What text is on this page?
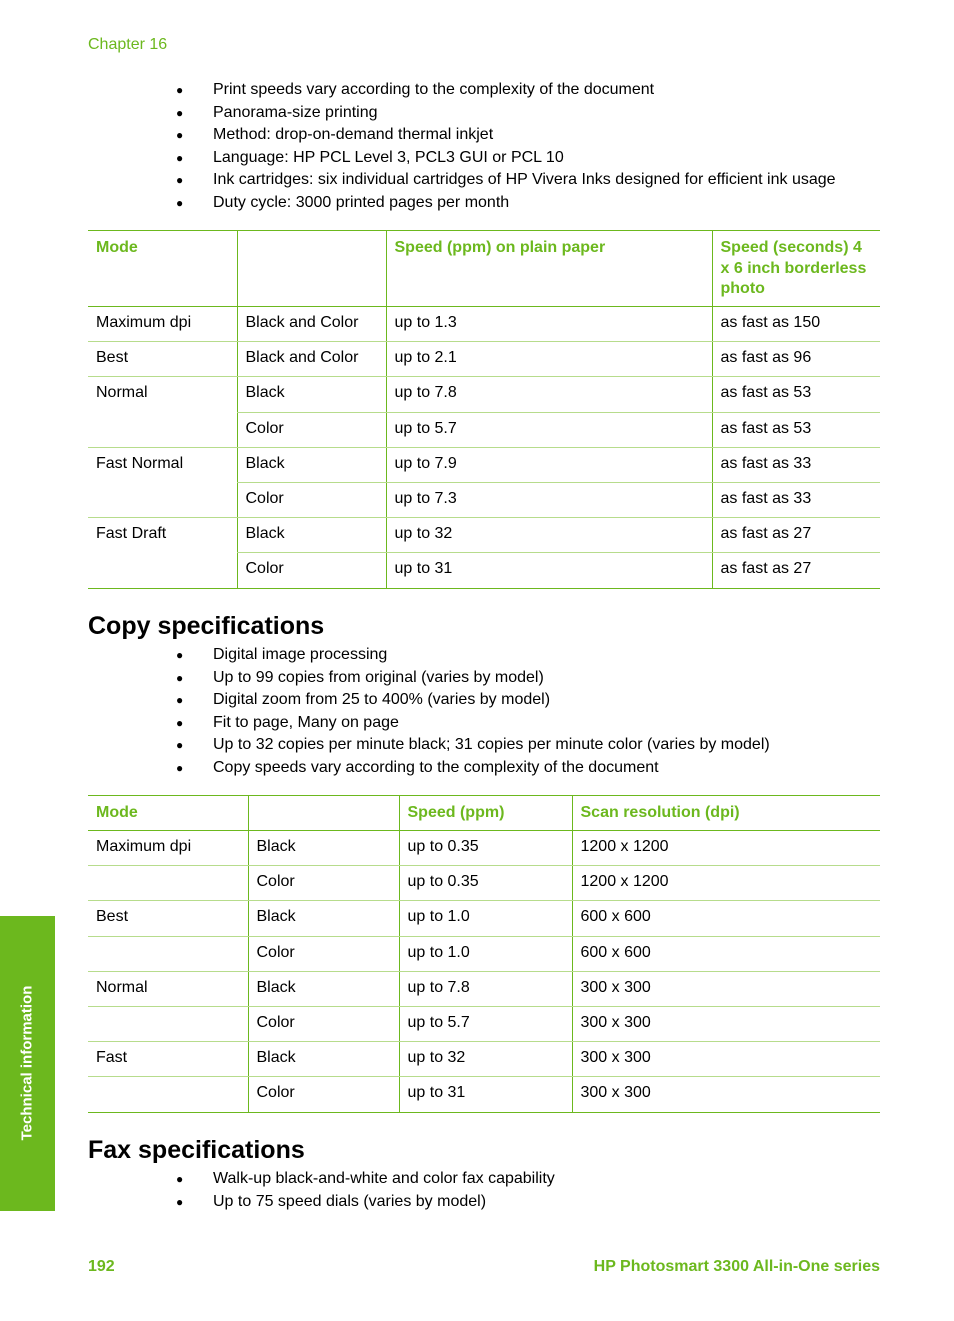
Chapter 16
● Print speeds vary according to the complexity of the document
● Panorama-size printing
● Method: drop-on-demand thermal inkjet
● Language: HP PCL Level 3, PCL3 GUI or PCL 10
● Ink cartridges: six individual cartridges of HP Vivera Inks designed for efficient ink usage
● Duty cycle: 3000 printed pages per month
Mode		Speed (ppm) on plain paper	Speed (seconds) 4 x 6 inch borderless photo
Maximum dpi	Black and Color	up to 1.3	as fast as 150
Best	Black and Color	up to 2.1	as fast as 96
Normal	Black	up to 7.8	as fast as 53
	Color	up to 5.7	as fast as 53
Fast Normal	Black	up to 7.9	as fast as 33
	Color	up to 7.3	as fast as 33
Fast Draft	Black	up to 32	as fast as 27
	Color	up to 31	as fast as 27
Copy specifications
● Digital image processing
● Up to 99 copies from original (varies by model)
● Digital zoom from 25 to 400% (varies by model)
● Fit to page, Many on page
● Up to 32 copies per minute black; 31 copies per minute color (varies by model)
● Copy speeds vary according to the complexity of the document
Mode		Speed (ppm)	Scan resolution (dpi)
Maximum dpi	Black	up to 0.35	1200 x 1200
	Color	up to 0.35	1200 x 1200
Best	Black	up to 1.0	600 x 600
	Color	up to 1.0	600 x 600
Normal	Black	up to 7.8	300 x 300
	Color	up to 5.7	300 x 300
Fast	Black	up to 32	300 x 300
	Color	up to 31	300 x 300
Fax specifications
● Walk-up black-and-white and color fax capability
● Up to 75 speed dials (varies by model)
Technical information
192	HP Photosmart 3300 All-in-One series
